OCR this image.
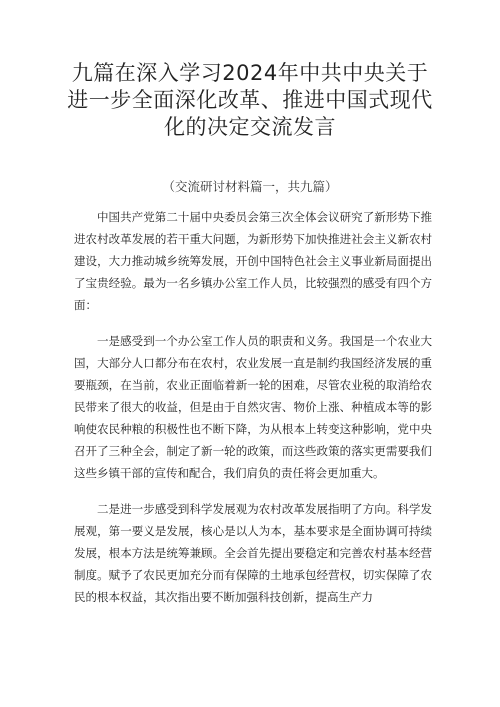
九篇在深入学习2024年中共中央关于进一步全面深化改革、推进中国式现代化的决定交流发言
（交流研讨材料篇一，共九篇）

中国共产党第二十届中央委员会第三次全体会议研究了新形势下推进农村改革发展的若干重大问题，为新形势下加快推进社会主义新农村建设，大力推动城乡统筹发展，开创中国特色社会主义事业新局面提出了宝贵经验。最为一名乡镇办公室工作人员，比较强烈的感受有四个方面：

一是感受到一个办公室工作人员的职责和义务。我国是一个农业大国，大部分人口都分布在农村，农业发展一直是制约我国经济发展的重要瓶颈，在当前，农业正面临着新一轮的困难，尽管农业税的取消给农民带来了很大的收益，但是由于自然灾害、物价上涨、种植成本等的影响使农民种粮的积极性也不断下降，为从根本上转变这种影响，党中央召开了三种全会，制定了新一轮的政策，而这些政策的落实更需要我们这些乡镇干部的宣传和配合，我们肩负的责任将会更加重大。

二是进一步感受到科学发展观为农村改革发展指明了方向。科学发展观，第一要义是发展，核心是以人为本，基本要求是全面协调可持续发展，根本方法是统筹兼顾。全会首先提出要稳定和完善农村基本经营制度。赋予了农民更加充分而有保障的土地承包经营权，切实保障了农民的根本权益，其次指出要不断加强科技创新，提高生产力
